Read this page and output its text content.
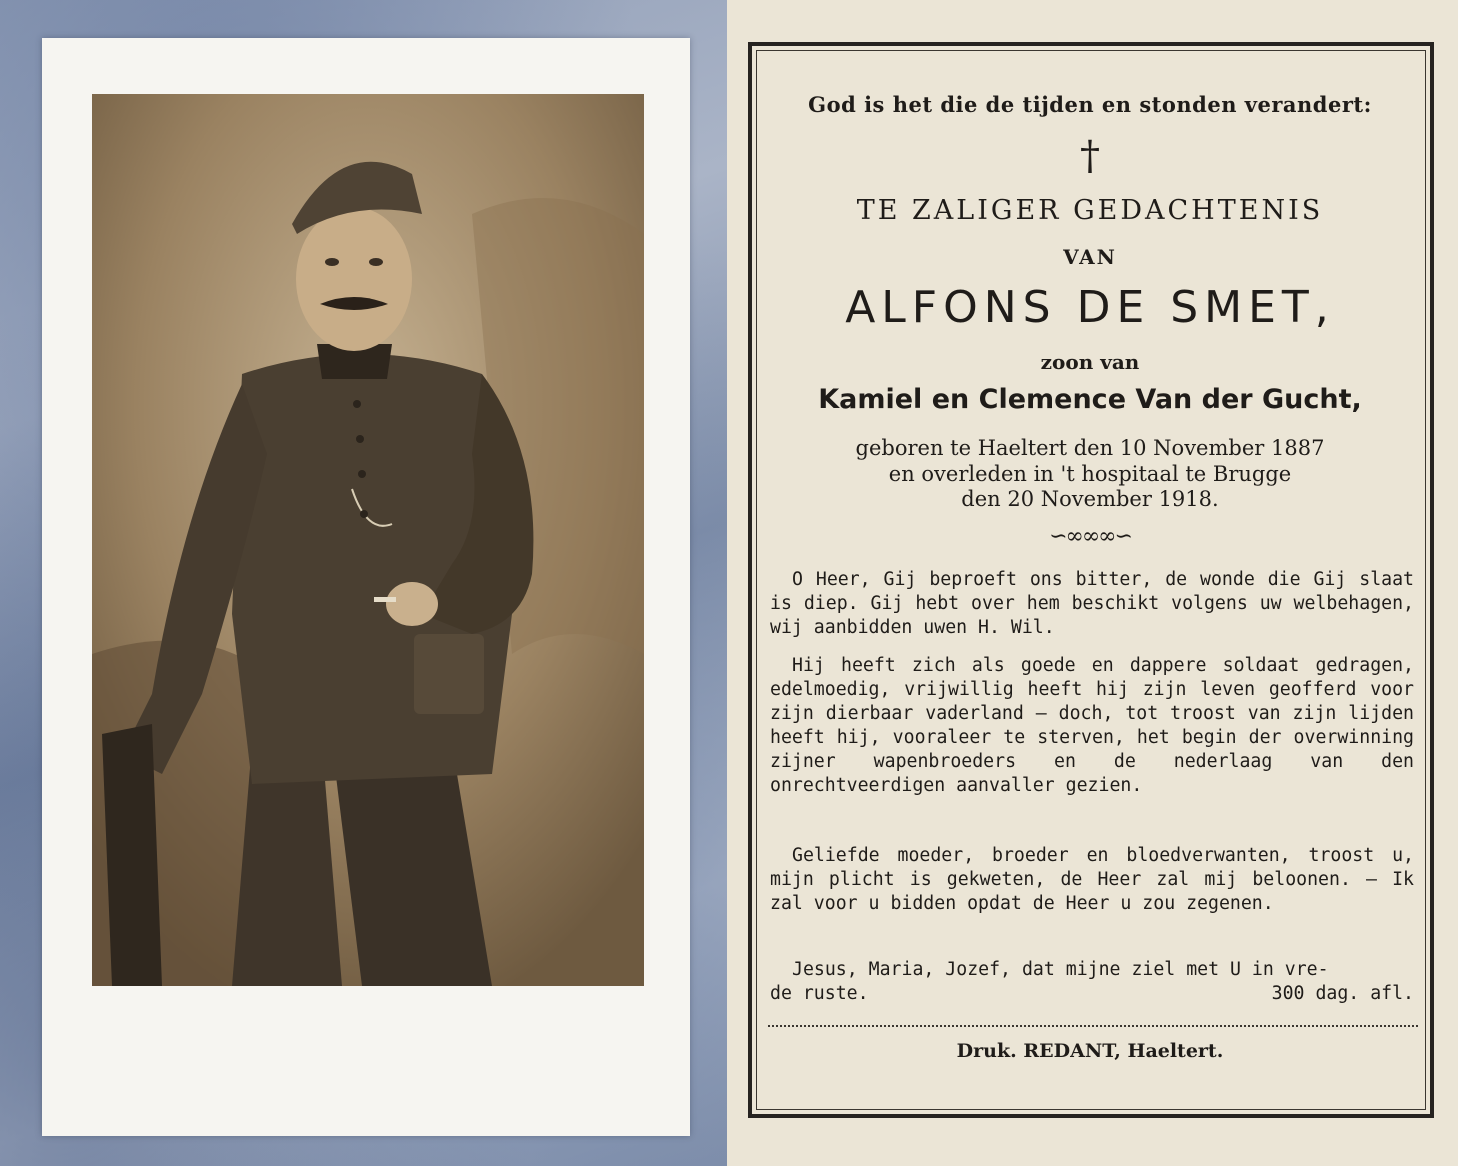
God is het die de tijden en stonden verandert:
†
TE ZALIGER GEDACHTENIS
VAN
ALFONS DE SMET,
zoon van
Kamiel en Clemence Van der Gucht,
geboren te Haeltert den 10 November 1887
en overleden in 't hospitaal te Brugge
den 20 November 1918.
∽∞∞∞∽
O Heer, Gij beproeft ons bitter, de wonde die Gij slaat is diep. Gij hebt over hem beschikt volgens uw welbehagen, wij aanbidden uwen H. Wil.
Hij heeft zich als goede en dappere soldaat gedragen, edelmoedig, vrijwillig heeft hij zijn leven geofferd voor zijn dierbaar vaderland — doch, tot troost van zijn lijden heeft hij, vooraleer te sterven, het begin der overwinning zijner wapenbroeders en de nederlaag van den onrechtveerdigen aanvaller gezien.
Geliefde moeder, broeder en bloedverwanten, troost u, mijn plicht is gekweten, de Heer zal mij beloonen. — Ik zal voor u bidden opdat de Heer u zou zegenen.
Jesus, Maria, Jozef, dat mijne ziel met U in vre-
de ruste.	300 dag. afl.
Druk. REDANT, Haeltert.
